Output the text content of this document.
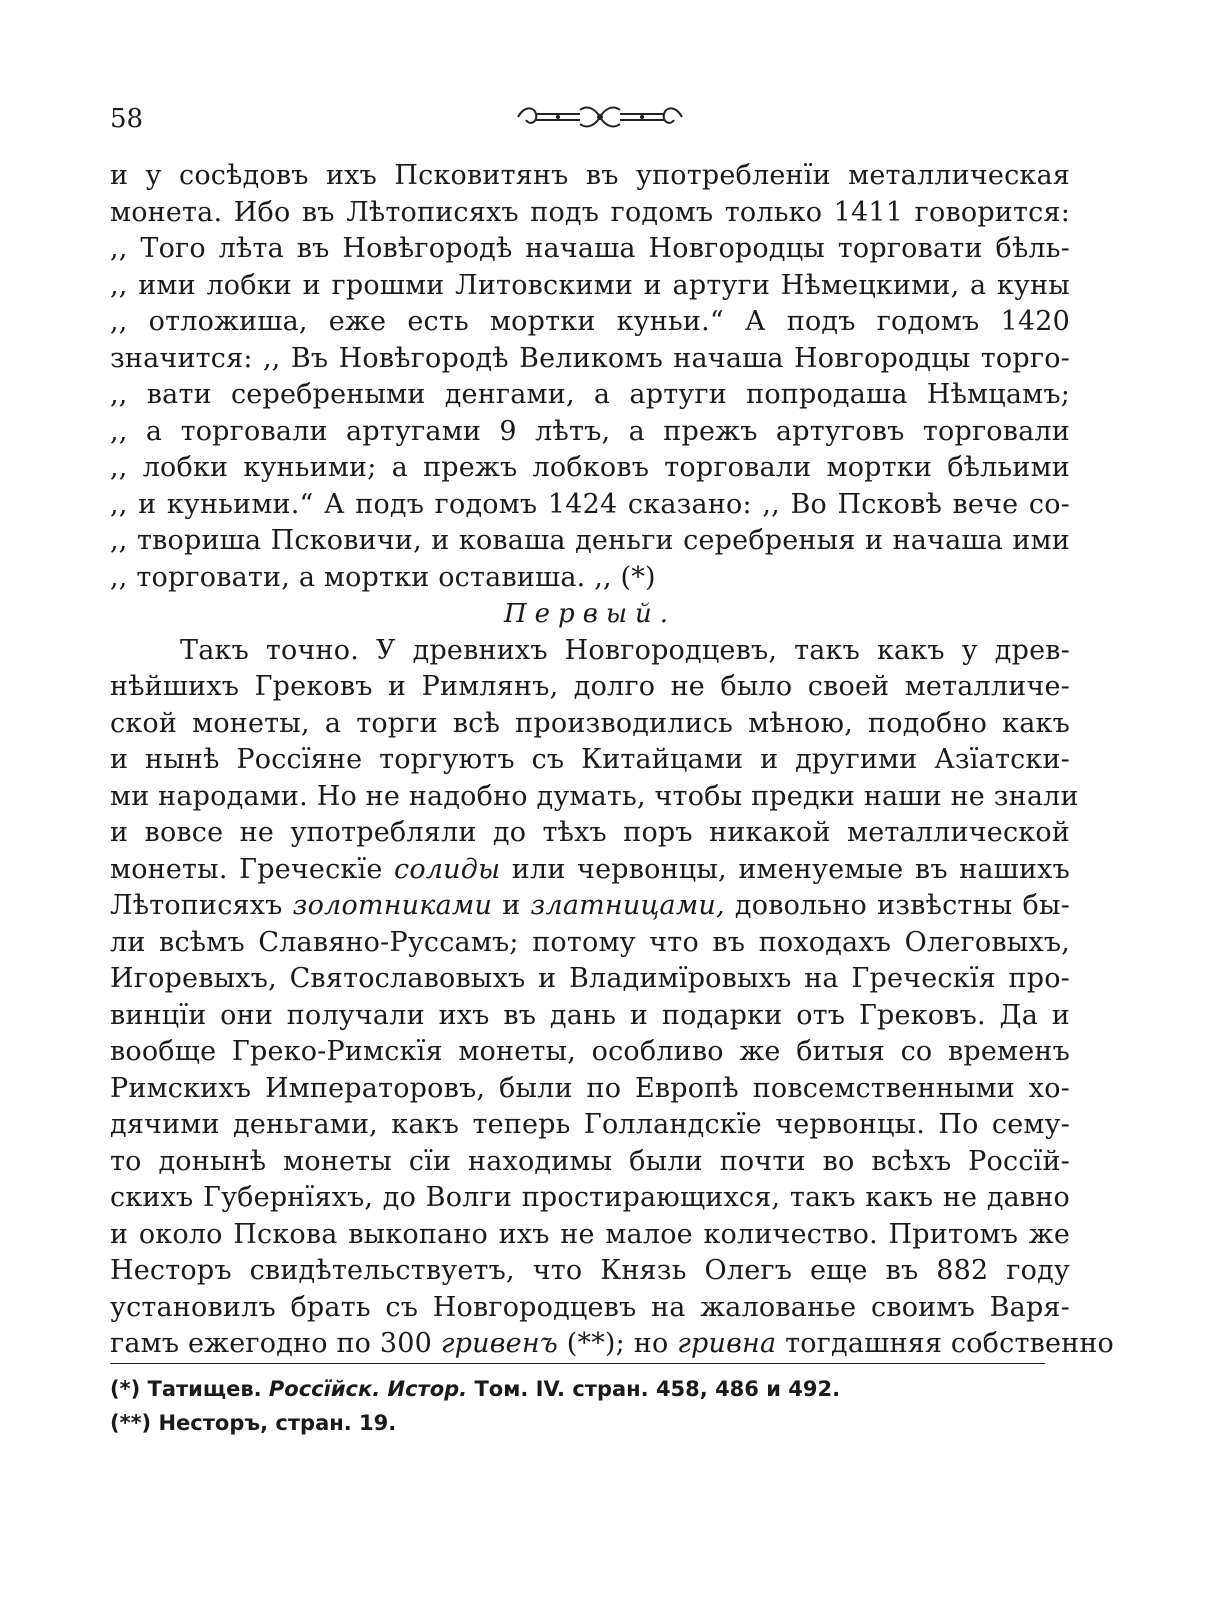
58
и у сосѣдовъ ихъ Псковитянъ въ употребленїи металлическая
монета. Ибо въ Лѣтописяхъ подъ годомъ только 1411 говорится:
,, Того лѣта въ Новѣгородѣ начаша Новгородцы торговати бѣль-
,, ими лобки и грошми Литовскими и артуги Нѣмецкими, а куны
,, отложиша, еже есть мортки куньи.“ А подъ годомъ 1420
значится: ,, Въ Новѣгородѣ Великомъ начаша Новгородцы торго-
,, вати серебреными денгами, а артуги попродаша Нѣмцамъ;
,, а торговали артугами 9 лѣтъ, а прежъ артуговъ торговали
,, лобки куньими; а прежъ лобковъ торговали мортки бѣльими
,, и куньими.“ А подъ годомъ 1424 сказано: ,, Во Псковѣ вече со-
,, твориша Псковичи, и коваша деньги серебреныя и начаша ими
,, торговати, а мортки оставиша. ,, (*)
Первый.
Такъ точно. У древнихъ Новгородцевъ, такъ какъ у древ-
нѣйшихъ Грековъ и Римлянъ, долго не было своей металличе-
ской монеты, а торги всѣ производились мѣною, подобно какъ
и нынѣ Россїяне торгуютъ съ Китайцами и другими Азїатски-
ми народами. Но не надобно думать, чтобы предки наши не знали
и вовсе не употребляли до тѣхъ поръ никакой металлической
монеты. Греческїе солиды или червонцы, именуемые въ нашихъ
Лѣтописяхъ золотниками и златницами, довольно извѣстны бы-
ли всѣмъ Славяно-Руссамъ; потому что въ походахъ Олеговыхъ,
Игоревыхъ, Святославовыхъ и Владимїровыхъ на Греческїя про-
винцїи они получали ихъ въ дань и подарки отъ Грековъ. Да и
вообще Греко-Римскїя монеты, особливо же битыя со временъ
Римскихъ Императоровъ, были по Европѣ повсемственными хо-
дячими деньгами, какъ теперь Голландскїе червонцы. По сему-
то донынѣ монеты сїи находимы были почти во всѣхъ Россїй-
скихъ Губернїяхъ, до Волги простирающихся, такъ какъ не давно
и около Пскова выкопано ихъ не малое количество. Притомъ же
Несторъ свидѣтельствуетъ, что Князь Олегъ еще въ 882 году
установилъ брать съ Новгородцевъ на жалованье своимъ Варя-
гамъ ежегодно по 300 гривенъ (**); но гривна тогдашняя собственно
(*) Татищев. Россїйск. Истор. Том. IV. стран. 458, 486 и 492.
(**) Несторъ, стран. 19.
